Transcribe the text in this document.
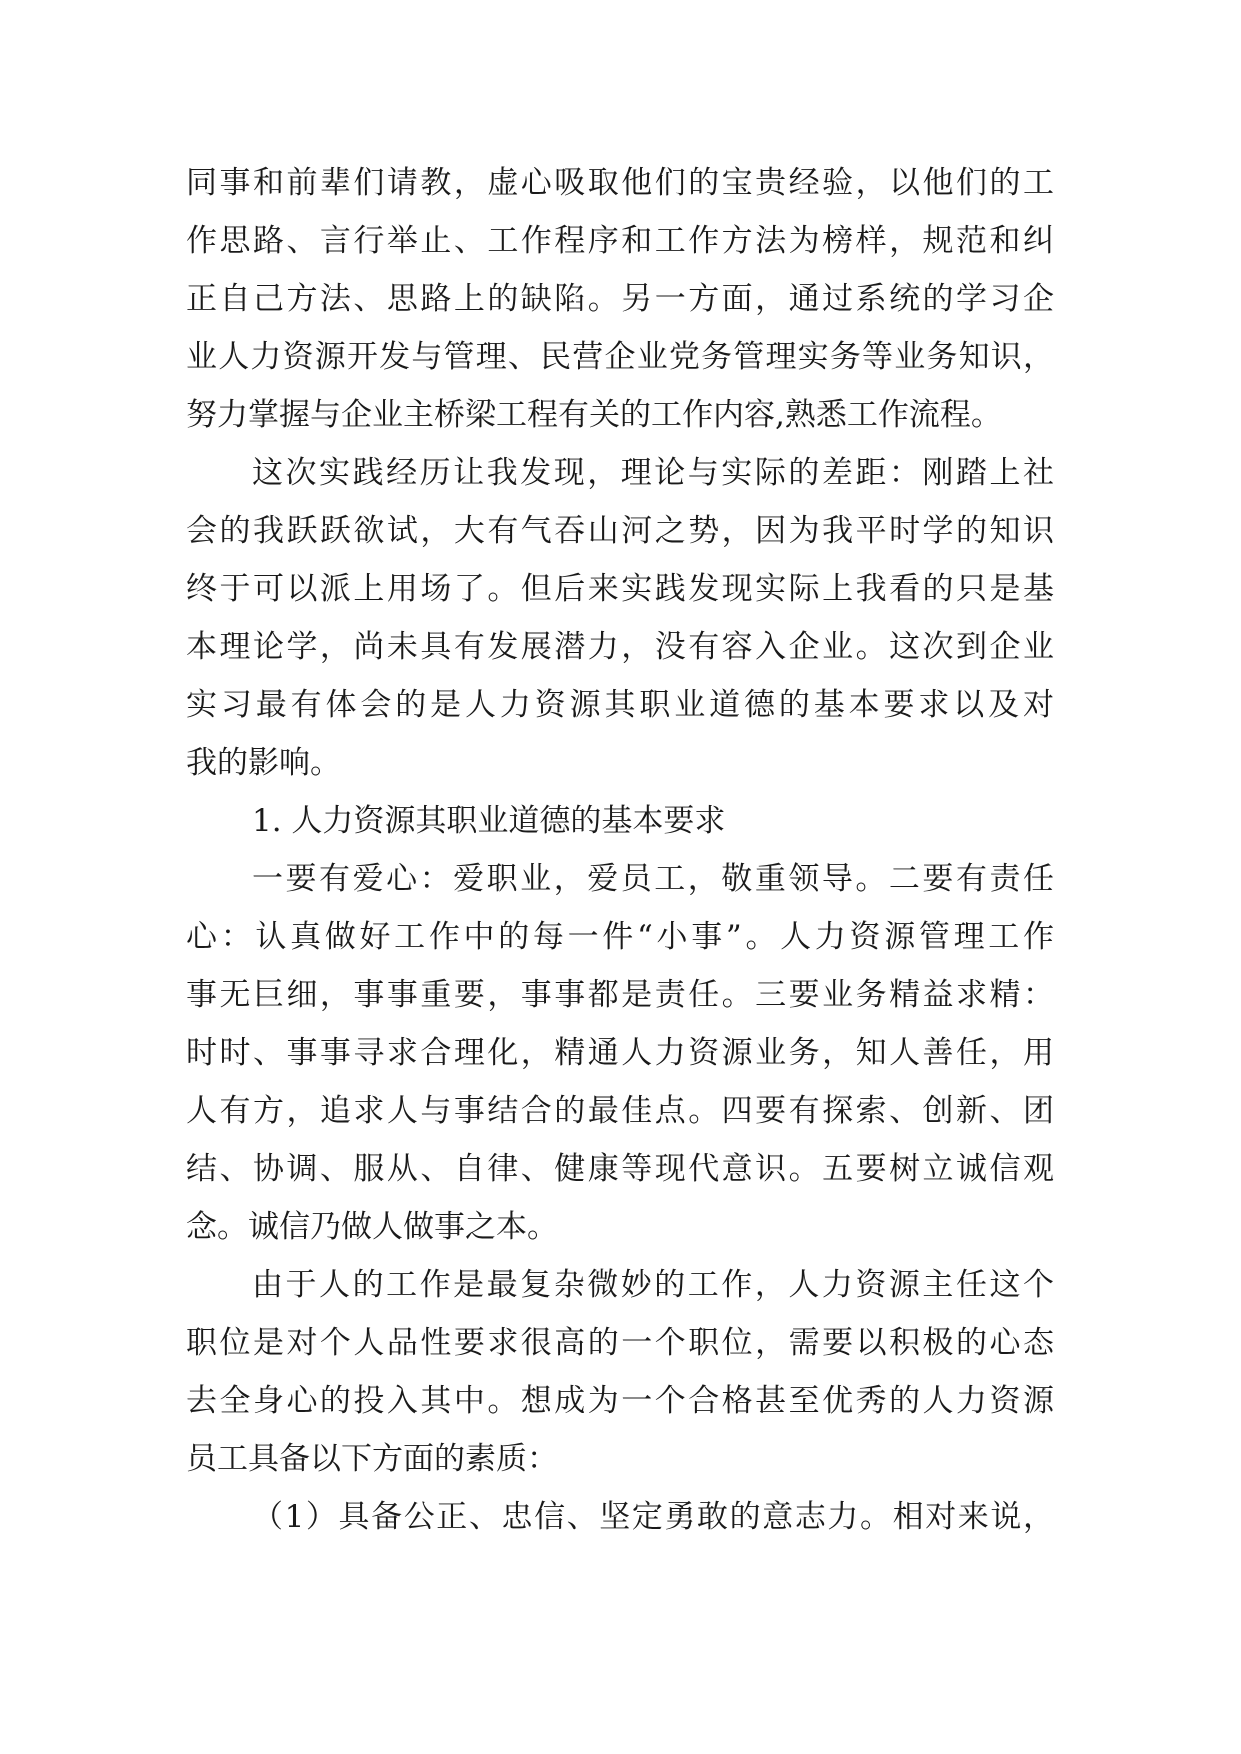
同事和前辈们请教，虚心吸取他们的宝贵经验，以他们的工
作思路、言行举止、工作程序和工作方法为榜样，规范和纠
正自己方法、思路上的缺陷。另一方面，通过系统的学习企
业人力资源开发与管理、民营企业党务管理实务等业务知识，
努力掌握与企业主桥梁工程有关的工作内容,熟悉工作流程。
这次实践经历让我发现，理论与实际的差距：刚踏上社
会的我跃跃欲试，大有气吞山河之势，因为我平时学的知识
终于可以派上用场了。但后来实践发现实际上我看的只是基
本理论学，尚未具有发展潜力，没有容入企业。这次到企业
实习最有体会的是人力资源其职业道德的基本要求以及对
我的影响。
1. 人力资源其职业道德的基本要求
一要有爱心：爱职业，爱员工，敬重领导。二要有责任
心：认真做好工作中的每一件“小事”。人力资源管理工作
事无巨细，事事重要，事事都是责任。三要业务精益求精：
时时、事事寻求合理化，精通人力资源业务，知人善任，用
人有方，追求人与事结合的最佳点。四要有探索、创新、团
结、协调、服从、自律、健康等现代意识。五要树立诚信观
念。诚信乃做人做事之本。
由于人的工作是最复杂微妙的工作，人力资源主任这个
职位是对个人品性要求很高的一个职位，需要以积极的心态
去全身心的投入其中。想成为一个合格甚至优秀的人力资源
员工具备以下方面的素质：
（1）具备公正、忠信、坚定勇敢的意志力。相对来说，
